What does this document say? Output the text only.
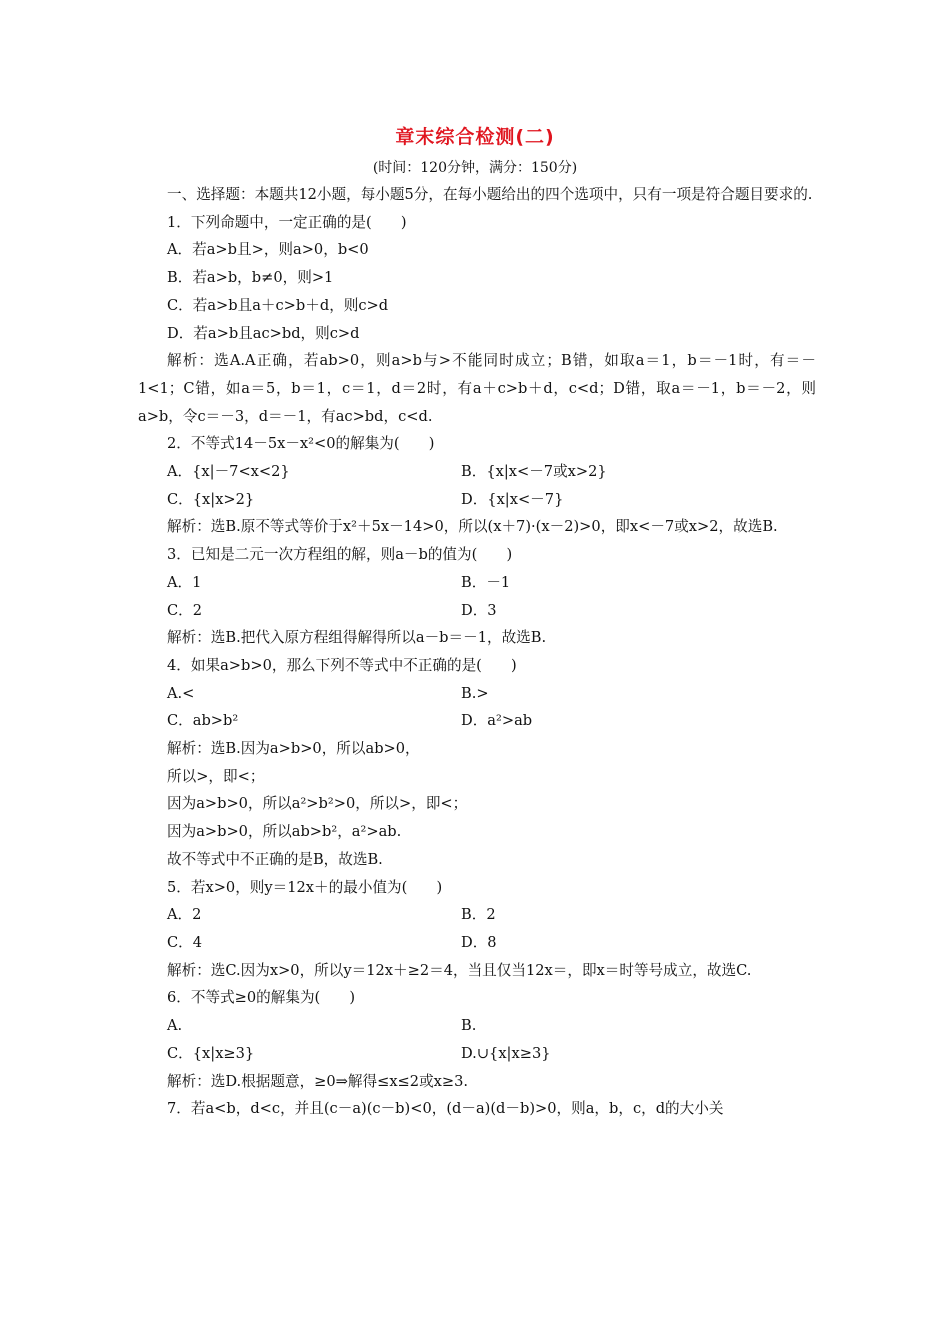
章末综合检测(二)
(时间：120分钟，满分：150分)

一、选择题：本题共12小题，每小题5分，在每小题给出的四个选项中，只有一项是符合题目要求的.

1．下列命题中，一定正确的是(　　)

A．若a>b且>，则a>0，b<0

B．若a>b，b≠0，则>1

C．若a>b且a＋c>b＋d，则c>d

D．若a>b且ac>bd，则c>d

解析：选A.A正确，若ab>0，则a>b与>不能同时成立；B错，如取a＝1，b＝－1时，有＝－1<1；C错，如a＝5，b＝1，c＝1，d＝2时，有a＋c>b＋d，c<d；D错，取a＝－1，b＝－2，则a>b，令c＝－3，d＝－1，有ac>bd，c<d.

2．不等式14－5x－x²<0的解集为(　　)

A．{x|－7<x<2}	B．{x|x<－7或x>2}
C．{x|x>2}	D．{x|x<－7}

解析：选B.原不等式等价于x²＋5x－14>0，所以(x＋7)·(x－2)>0，即x<－7或x>2，故选B.

3．已知是二元一次方程组的解，则a－b的值为(　　)

A．1	B．－1
C．2	D．3

解析：选B.把代入原方程组得解得所以a－b＝－1，故选B.

4．如果a>b>0，那么下列不等式中不正确的是(　　)

A.<	B.>
C．ab>b²	D．a²>ab

解析：选B.因为a>b>0，所以ab>0，

所以>，即<；

因为a>b>0，所以a²>b²>0，所以>，即<；

因为a>b>0，所以ab>b²，a²>ab.

故不等式中不正确的是B，故选B.

5．若x>0，则y＝12x＋的最小值为(　　)

A．2	B．2
C．4	D．8

解析：选C.因为x>0，所以y＝12x＋≥2＝4，当且仅当12x＝，即x＝时等号成立，故选C.

6．不等式≥0的解集为(　　)

A.	B.
C．{x|x≥3}	D.∪{x|x≥3}

解析：选D.根据题意，≥0⇒解得≤x≤2或x≥3.

7．若a<b，d<c，并且(c－a)(c－b)<0，(d－a)(d－b)>0，则a，b，c，d的大小关
